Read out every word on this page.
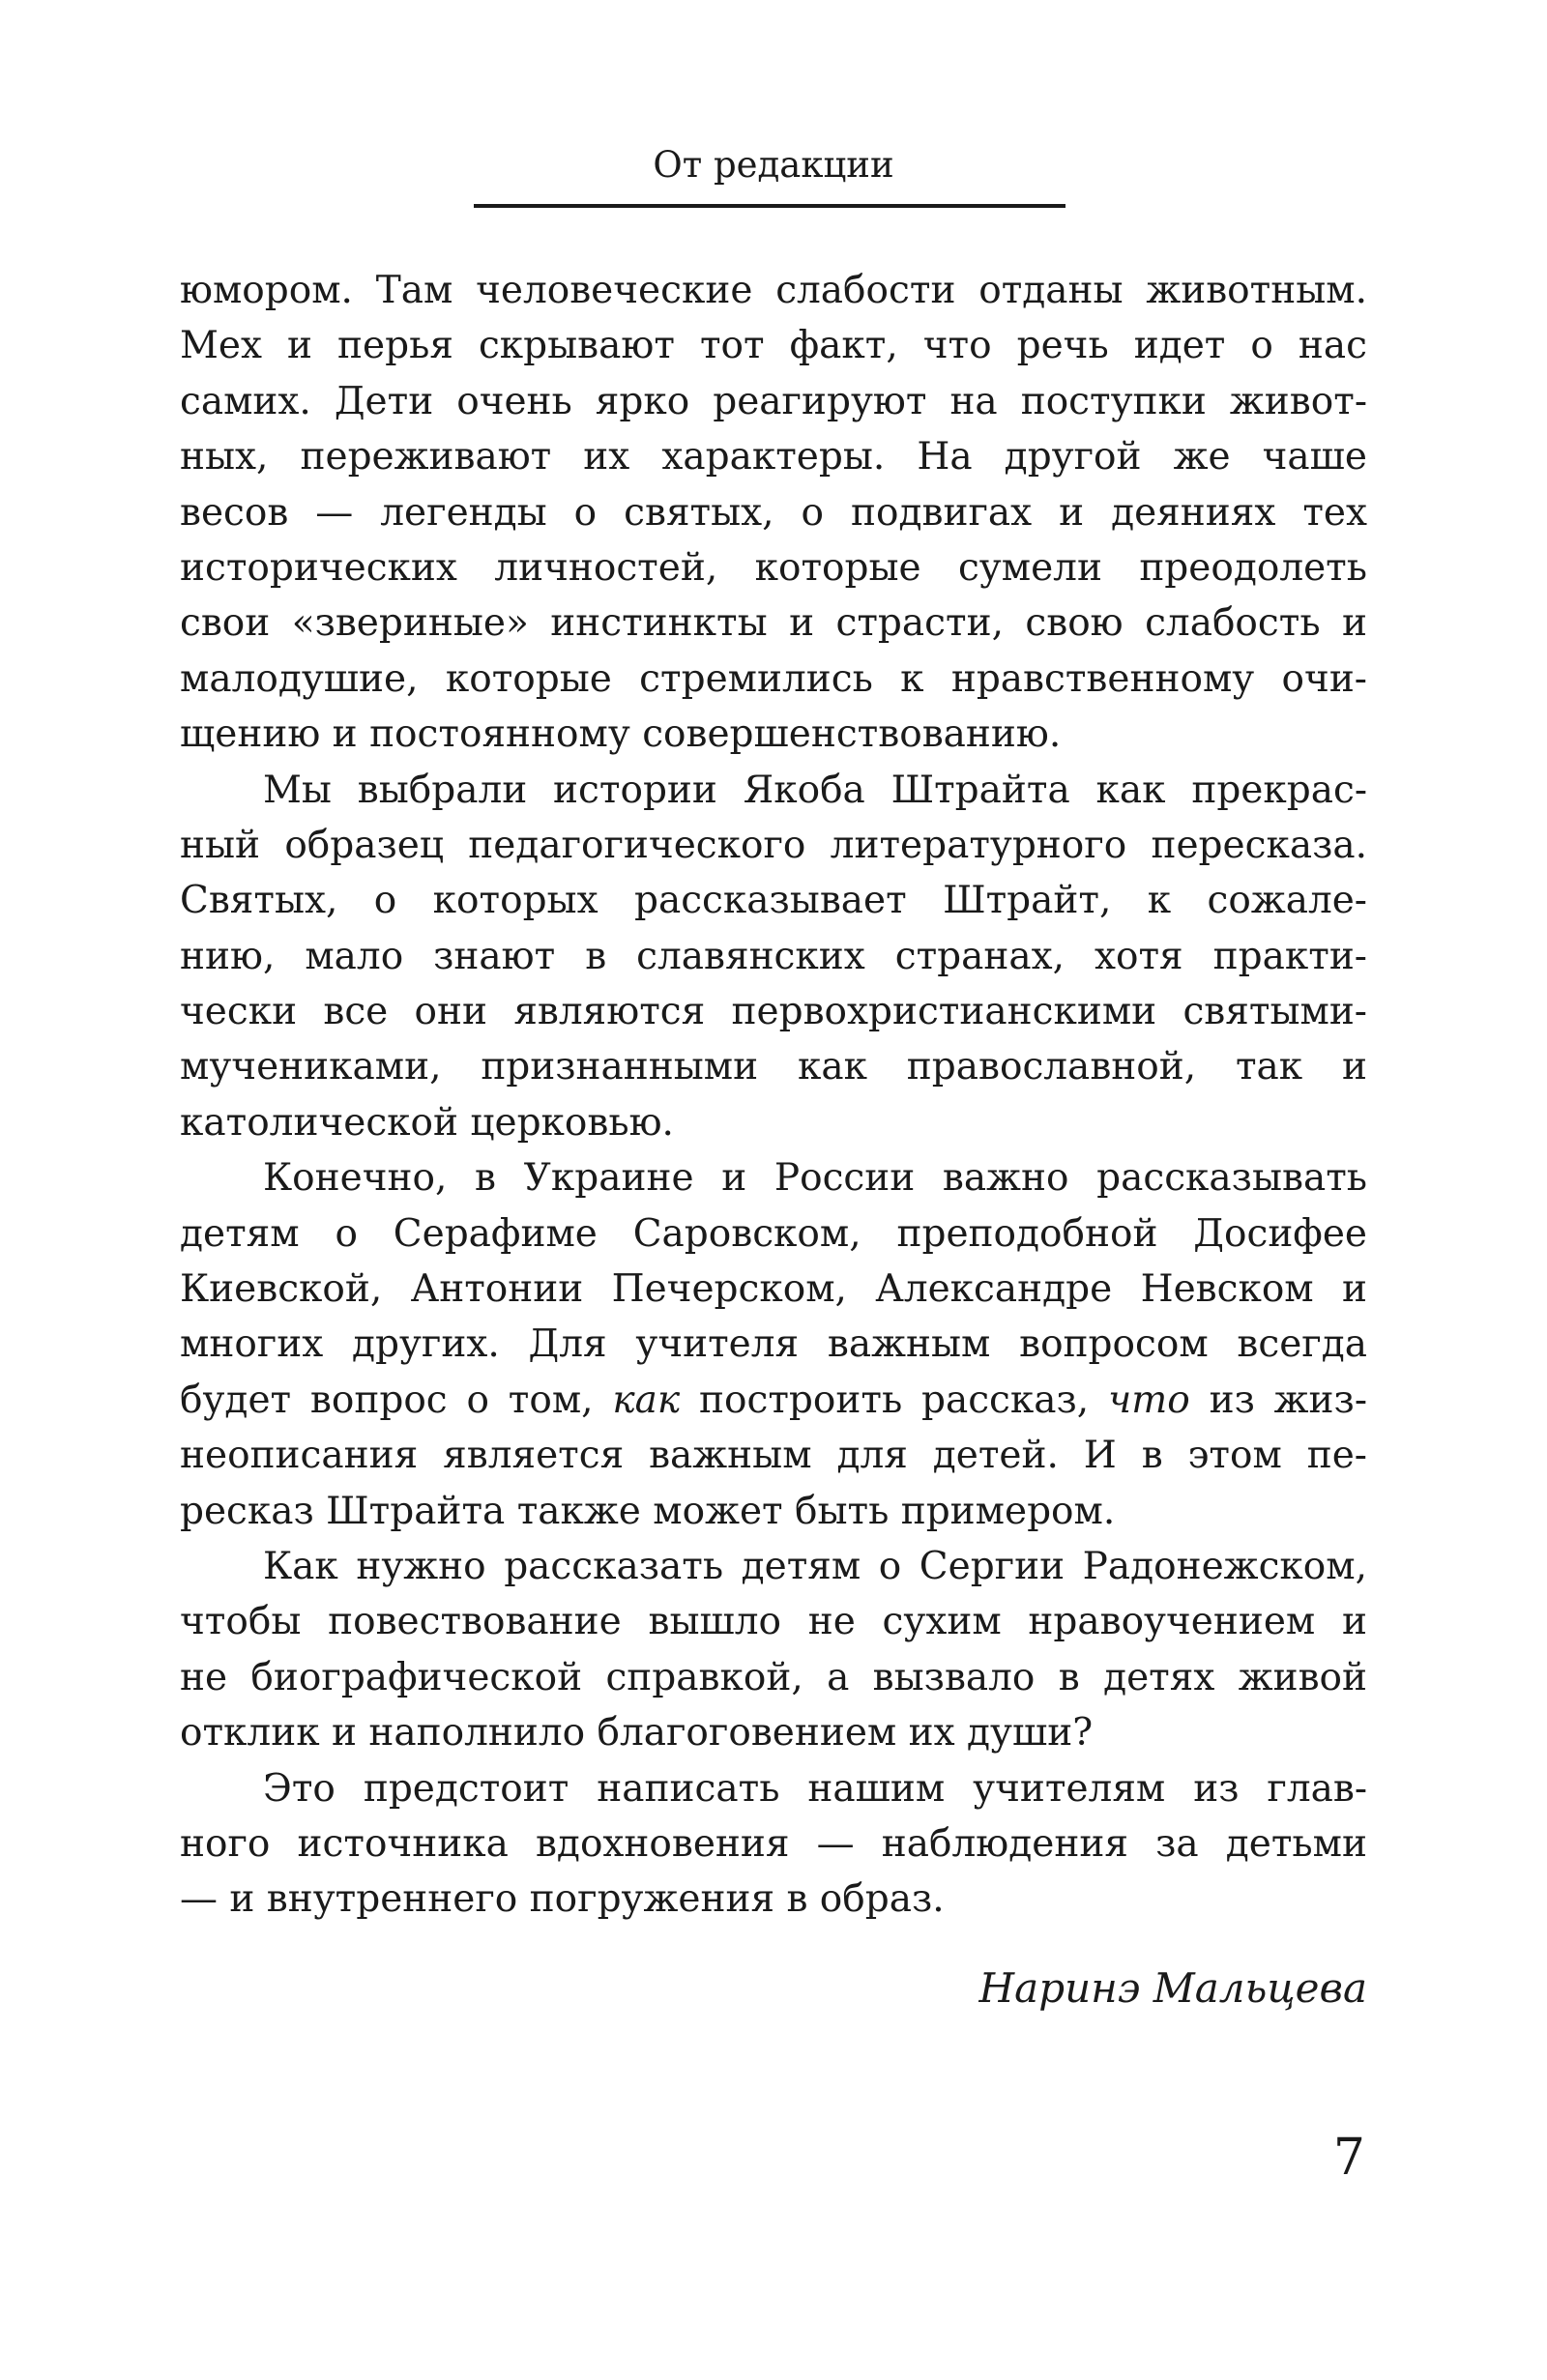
От редакции
юмором. Там человеческие слабости отданы животным.
Мех и перья скрывают тот факт, что речь идет о нас
самих. Дети очень ярко реагируют на поступки живот-
ных, переживают их характеры. На другой же чаше
весов — легенды о святых, о подвигах и деяниях тех
исторических личностей, которые сумели преодолеть
свои «звериные» инстинкты и страсти, свою слабость и
малодушие, которые стремились к нравственному очи-
щению и постоянному совершенствованию.
Мы выбрали истории Якоба Штрайта как прекрас-
ный образец педагогического литературного пересказа.
Святых, о которых рассказывает Штрайт, к сожале-
нию, мало знают в славянских странах, хотя практи-
чески все они являются первохристианскими святыми-
мучениками, признанными как православной, так и
католической церковью.
Конечно, в Украине и России важно рассказывать
детям о Серафиме Саровском, преподобной Досифее
Киевской, Антонии Печерском, Александре Невском и
многих других. Для учителя важным вопросом всегда
будет вопрос о том, как построить рассказ, что из жиз-
неописания является важным для детей. И в этом пе-
ресказ Штрайта также может быть примером.
Как нужно рассказать детям о Сергии Радонежском,
чтобы повествование вышло не сухим нравоучением и
не биографической справкой, а вызвало в детях живой
отклик и наполнило благоговением их души?
Это предстоит написать нашим учителям из глав-
ного источника вдохновения — наблюдения за детьми
— и внутреннего погружения в образ.
Наринэ Мальцева
7
